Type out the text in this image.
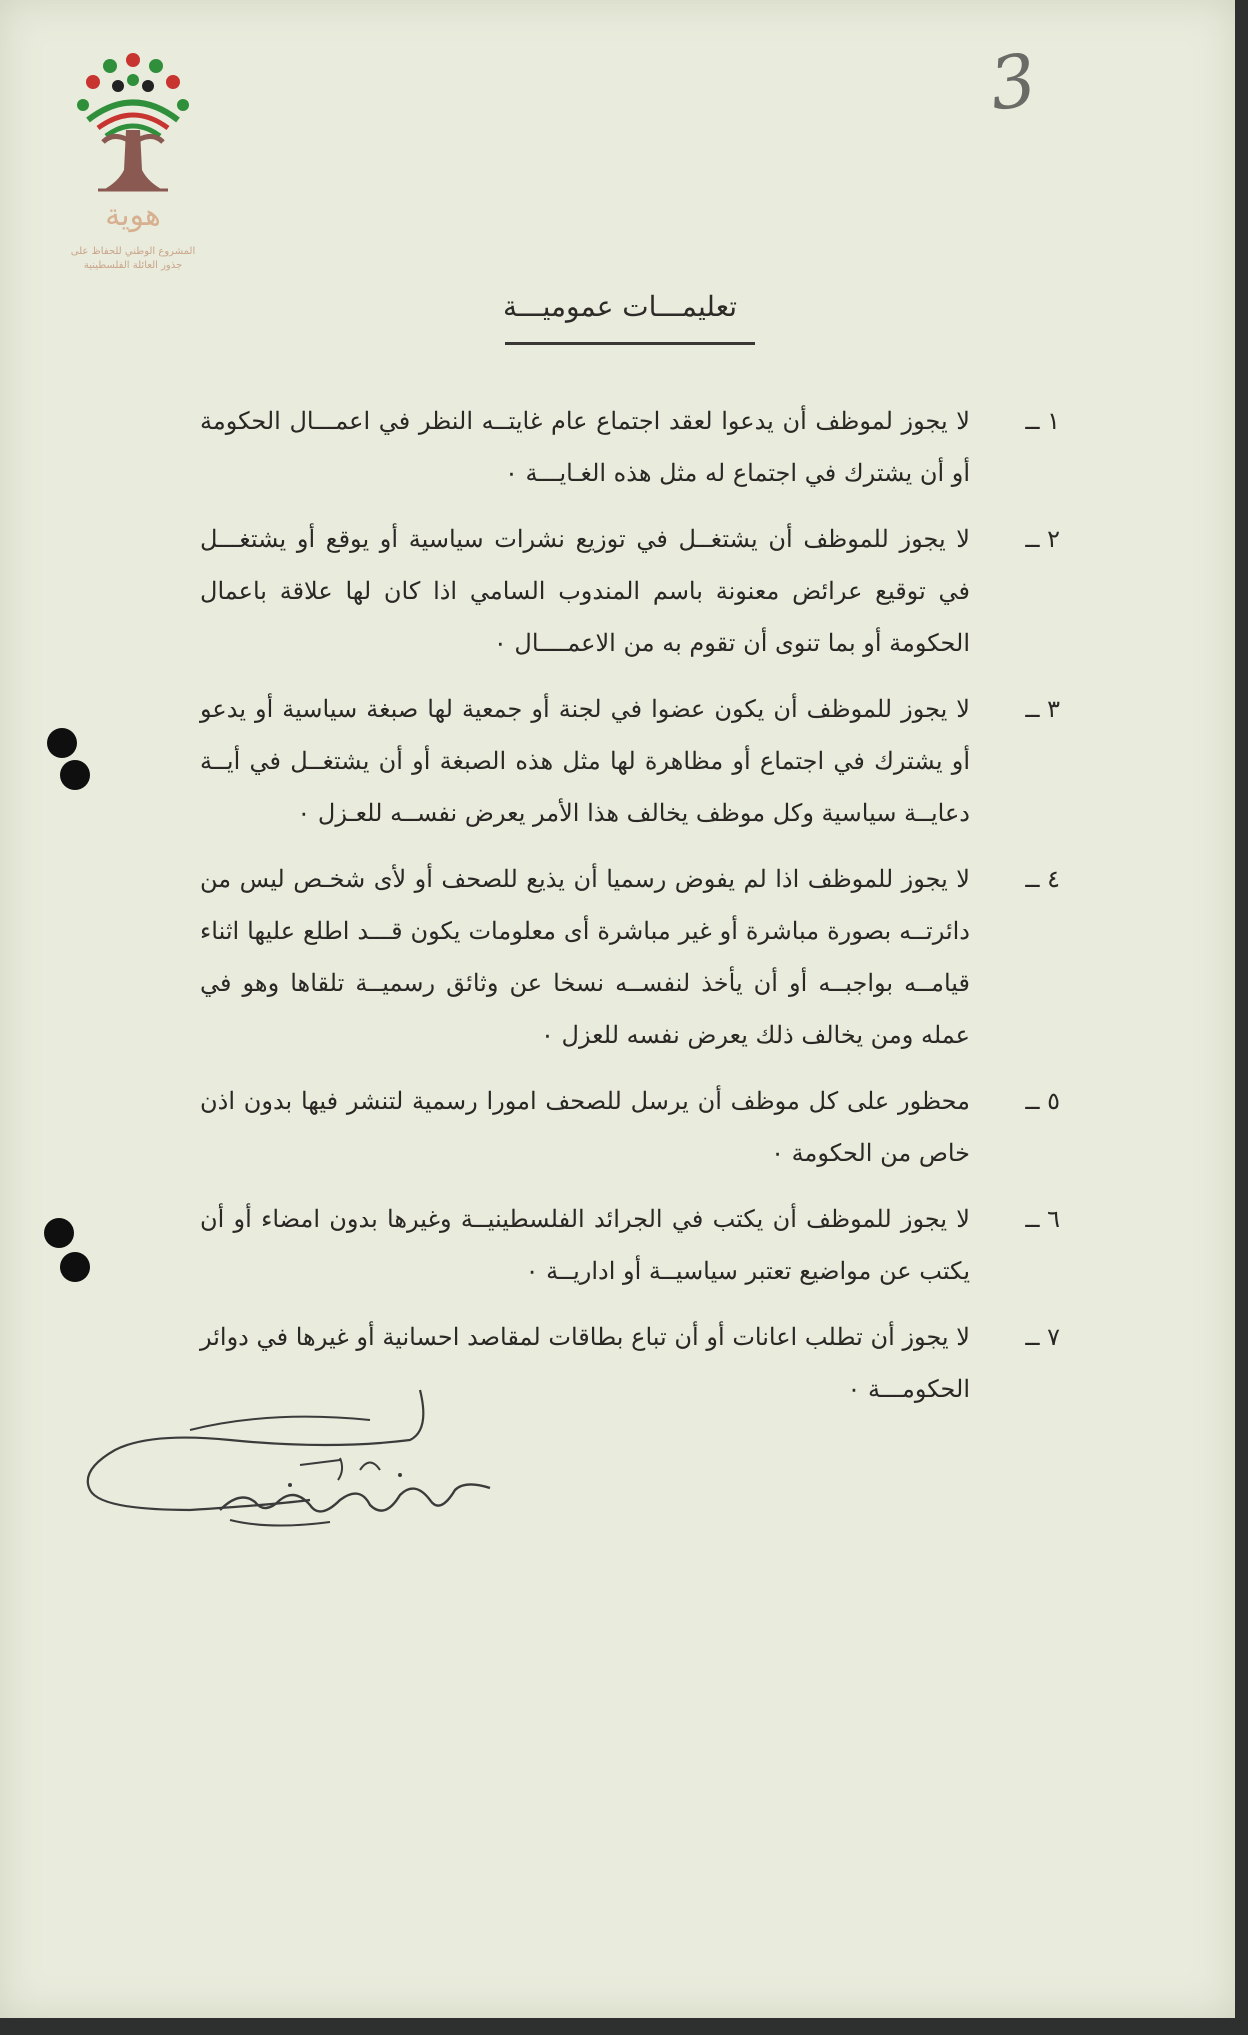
هوية
المشروع الوطني للحفاظ على
جذور العائلة الفلسطينية
3
تعليمـــات عموميـــة
١ ــ
لا يجوز لموظف أن يدعوا لعقد اجتماع عام غايتــه النظر في اعمـــال الحكومة أو أن يشترك في اجتماع له مثل هذه الغـايـــة ٠
٢ ــ
لا يجوز للموظف أن يشتغــل في توزيع نشرات سياسية أو يوقع أو يشتغـــل في توقيع عرائض معنونة باسم المندوب السامي اذا كان لها علاقة باعمال الحكومة أو بما تنوى أن تقوم به من الاعمــــال ٠
٣ ــ
لا يجوز للموظف أن يكون عضوا في لجنة أو جمعية لها صبغة سياسية أو يدعو أو يشترك في اجتماع أو مظاهرة لها مثل هذه الصبغة أو أن يشتغــل في أيــة دعايــة سياسية وكل موظف يخالف هذا الأمر يعرض نفســه للعـزل ٠
٤ ــ
لا يجوز للموظف اذا لم يفوض رسميا أن يذيع للصحف أو لأى شخـص ليس من دائرتــه بصورة مباشرة أو غير مباشرة أى معلومات يكون قـــد اطلع عليها اثناء قيامــه بواجبــه أو أن يأخذ لنفســه نسخا عن وثائق رسميــة تلقاها وهو في عمله ومن يخالف ذلك يعرض نفسه للعزل ٠
٥ ــ
محظور على كل موظف أن يرسل للصحف امورا رسمية لتنشر فيها بدون اذن خاص من الحكومة ٠
٦ ــ
لا يجوز للموظف أن يكتب في الجرائد الفلسطينيــة وغيرها بدون امضاء أو أن يكتب عن مواضيع تعتبر سياسيــة أو اداريــة ٠
٧ ــ
لا يجوز أن تطلب اعانات أو أن تباع بطاقات لمقاصد احسانية أو غيرها في دوائر الحكومـــة ٠
